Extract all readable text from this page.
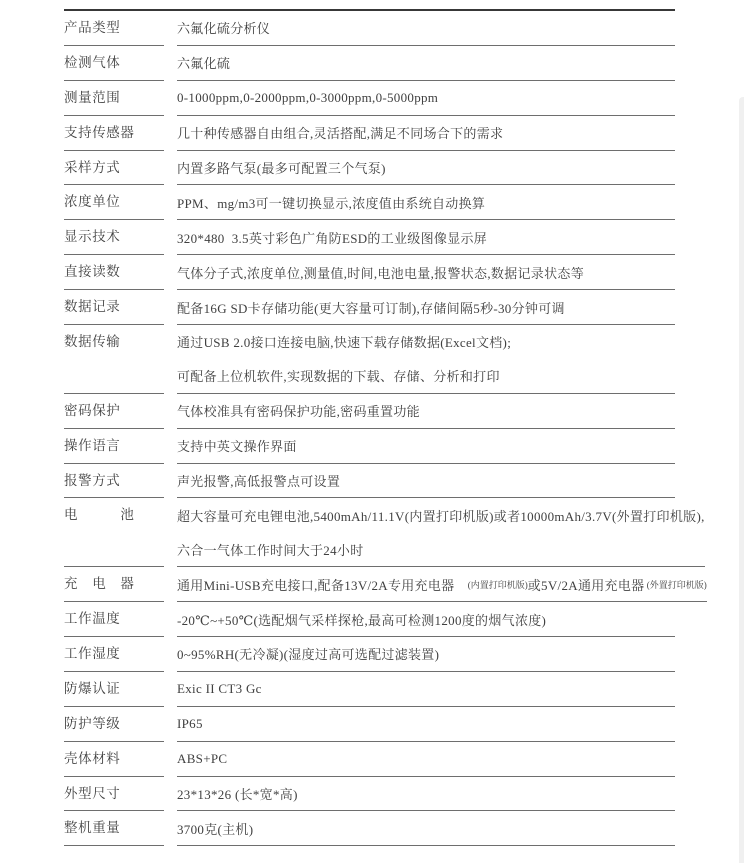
产品类型	六氟化硫分析仪
检测气体	六氟化硫
测量范围	0-1000ppm,0-2000ppm,0-3000ppm,0-5000ppm
支持传感器	几十种传感器自由组合,灵活搭配,满足不同场合下的需求
采样方式	内置多路气泵(最多可配置三个气泵)
浓度单位	PPM、mg/m3可一键切换显示,浓度值由系统自动换算
显示技术	320*480  3.5英寸彩色广角防ESD的工业级图像显示屏
直接读数	气体分子式,浓度单位,测量值,时间,电池电量,报警状态,数据记录状态等
数据记录	配备16G SD卡存储功能(更大容量可订制),存储间隔5秒-30分钟可调
数据传输	通过USB 2.0接口连接电脑,快速下载存储数据(Excel文档);
可配备上位机软件,实现数据的下载、存储、分析和打印
密码保护	气体校准具有密码保护功能,密码重置功能
操作语言	支持中英文操作界面
报警方式	声光报警,高低报警点可设置
电　　　池	超大容量可充电锂电池,5400mAh/11.1V(内置打印机版)或者10000mAh/3.7V(外置打印机版),
六合一气体工作时间大于24小时
充　电　器	通用Mini-USB充电接口,配备13V/2A专用充电器　 (内置打印机版) 或5V/2A通用充电器 (外置打印机版)
工作温度	-20℃~+50℃(选配烟气采样探枪,最高可检测1200度的烟气浓度)
工作湿度	0~95%RH(无冷凝)(湿度过高可选配过滤装置)
防爆认证	Exic II CT3 Gc
防护等级	IP65
壳体材料	ABS+PC
外型尺寸	23*13*26 (长*宽*高)
整机重量	3700克(主机)
